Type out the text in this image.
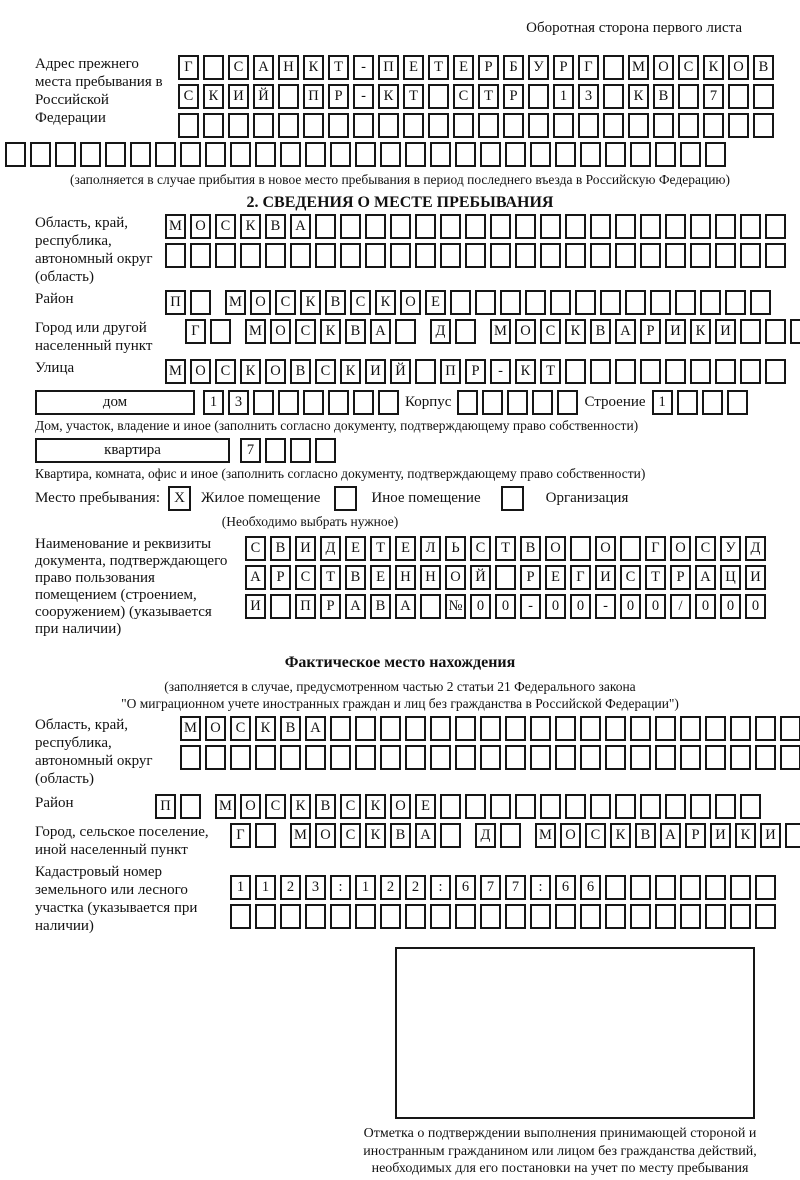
Оборотная сторона первого листа
Адрес прежнего места пребывания в Российской Федерации
Г	С	А	Н	К	Т	-	П	Е	Т	Е	Р	Б	У	Р	Г	М О	С	К	О	В
С	К	И	Й	П	Р	-	К	Т	С	Т	Р	1	3	К	В	7
(заполняется в случае прибытия в новое место пребывания в период последнего въезда в Российскую Федерацию)
2. СВЕДЕНИЯ О МЕСТЕ ПРЕБЫВАНИЯ
Область, край, республика, автономный округ (область)
М О	С	К	В	А
Район	П	М О	С	К	В	С	К	О	Е
Город или другой населенный пункт
Г	М О	С	К	В	А	Д	М О	С	К	В	А	Р	И	К	И
Улица	М О	С	К	О	В	С	К	И	Й	П	Р	-	К	Т
дом	1	3	Корпус	Строение 1
Дом, участок, владение и иное (заполнить согласно документу, подтверждающему право собственности)
квартира	7
Квартира, комната, офис и иное (заполнить согласно документу, подтверждающему право собственности)
Место пребывания: X	Жилое помещение	Иное помещение	Организация
(Необходимо выбрать нужное)
Наименование и реквизиты документа, подтверждающего право пользования помещением (строением, сооружением) (указывается при наличии)
С	В	И	Д	Е	Т	Е	Л	Ь	С	Т	В	О	О	Г	О	С	У	Д
А	Р	С	Т	В	Е	Н	Н	О	Й	Р	Е	Г	И	С	Т	Р	А	Ц	И
И	П	Р	А	В	А	№ 0	0	-	0	0	-	0	0	/	0	0	0
Фактическое место нахождения
(заполняется в случае, предусмотренном частью 2 статьи 21 Федерального закона
"О миграционном учете иностранных граждан и лиц без гражданства в Российской Федерации")
Область, край, республика, автономный округ (область)
М О	С	К	В	А
Район	П	М О	С	К	В	С	К	О	Е
Город, сельское поселение, иной населенный пункт
Г	М О	С	К	В	А	Д	М О	С	К	В	А	Р	И	К	И
Кадастровый номер земельного или лесного участка (указывается при наличии)
1	1	2	3	:	1	2	2	:	6	7	7	:	6	6
Отметка о подтверждении выполнения принимающей стороной и иностранным гражданином или лицом без гражданства действий, необходимых для его постановки на учет по месту пребывания
